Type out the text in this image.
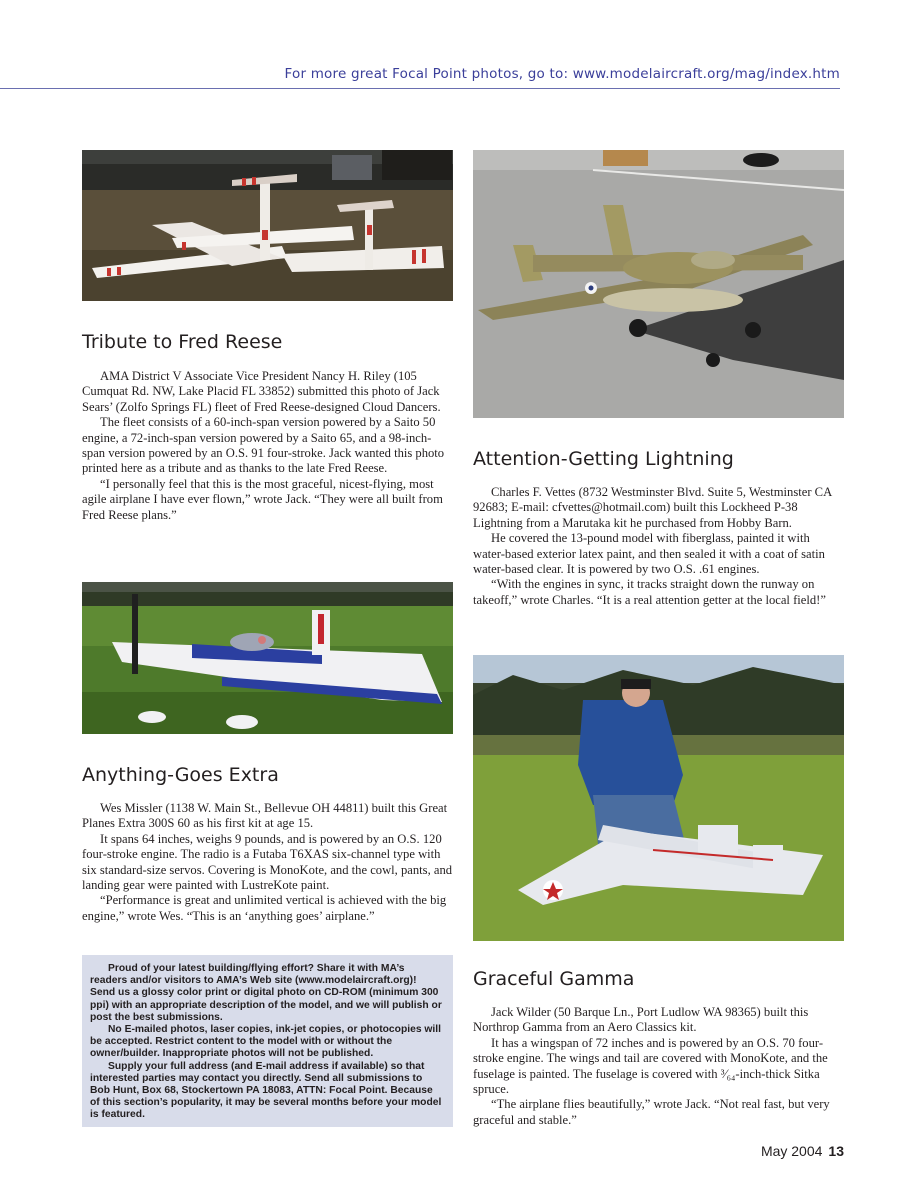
For more great Focal Point photos, go to: www.modelaircraft.org/mag/index.htm
Tribute to Fred Reese

AMA District V Associate Vice President Nancy H. Riley (105 Cumquat Rd. NW, Lake Placid FL 33852) submitted this photo of Jack Sears’ (Zolfo Springs FL) fleet of Fred Reese-designed Cloud Dancers.

The fleet consists of a 60-inch-span version powered by a Saito 50 engine, a 72-inch-span version powered by a Saito 65, and a 98-inch-span version powered by an O.S. 91 four-stroke. Jack wanted this photo printed here as a tribute and as thanks to the late Fred Reese.

“I personally feel that this is the most graceful, nicest-flying, most agile airplane I have ever flown,” wrote Jack. “They were all built from Fred Reese plans.”

Attention-Getting Lightning

Charles F. Vettes (8732 Westminster Blvd. Suite 5, Westminster CA 92683; E-mail: cfvettes@hotmail.com) built this Lockheed P-38 Lightning from a Marutaka kit he purchased from Hobby Barn.

He covered the 13-pound model with fiberglass, painted it with water-based exterior latex paint, and then sealed it with a coat of satin water-based clear. It is powered by two O.S. .61 engines.

“With the engines in sync, it tracks straight down the runway on takeoff,” wrote Charles. “It is a real attention getter at the local field!”

Anything-Goes Extra

Wes Missler (1138 W. Main St., Bellevue OH 44811) built this Great Planes Extra 300S 60 as his first kit at age 15.

It spans 64 inches, weighs 9 pounds, and is powered by an O.S. 120 four-stroke engine. The radio is a Futaba T6XAS six-channel type with six standard-size servos. Covering is MonoKote, and the cowl, pants, and landing gear were painted with LustreKote paint.

“Performance is great and unlimited vertical is achieved with the big engine,” wrote Wes. “This is an ‘anything goes’ airplane.”

Graceful Gamma

Jack Wilder (50 Barque Ln., Port Ludlow WA 98365) built this Northrop Gamma from an Aero Classics kit.

It has a wingspan of 72 inches and is powered by an O.S. 70 four-stroke engine. The wings and tail are covered with MonoKote, and the fuselage is painted. The fuselage is covered with ³⁄₆₄-inch-thick Sitka spruce.

“The airplane flies beautifully,” wrote Jack. “Not real fast, but very graceful and stable.”

Proud of your latest building/flying effort? Share it with MA’s readers and/or visitors to AMA’s Web site (www.modelaircraft.org)! Send us a glossy color print or digital photo on CD-ROM (minimum 300 ppi) with an appropriate description of the model, and we will publish or post the best submissions.

No E-mailed photos, laser copies, ink-jet copies, or photocopies will be accepted. Restrict content to the model with or without the owner/builder. Inappropriate photos will not be published.

Supply your full address (and E-mail address if available) so that interested parties may contact you directly. Send all submissions to Bob Hunt, Box 68, Stockertown PA 18083, ATTN: Focal Point. Because of this section’s popularity, it may be several months before your model is featured.

May 2004 13
